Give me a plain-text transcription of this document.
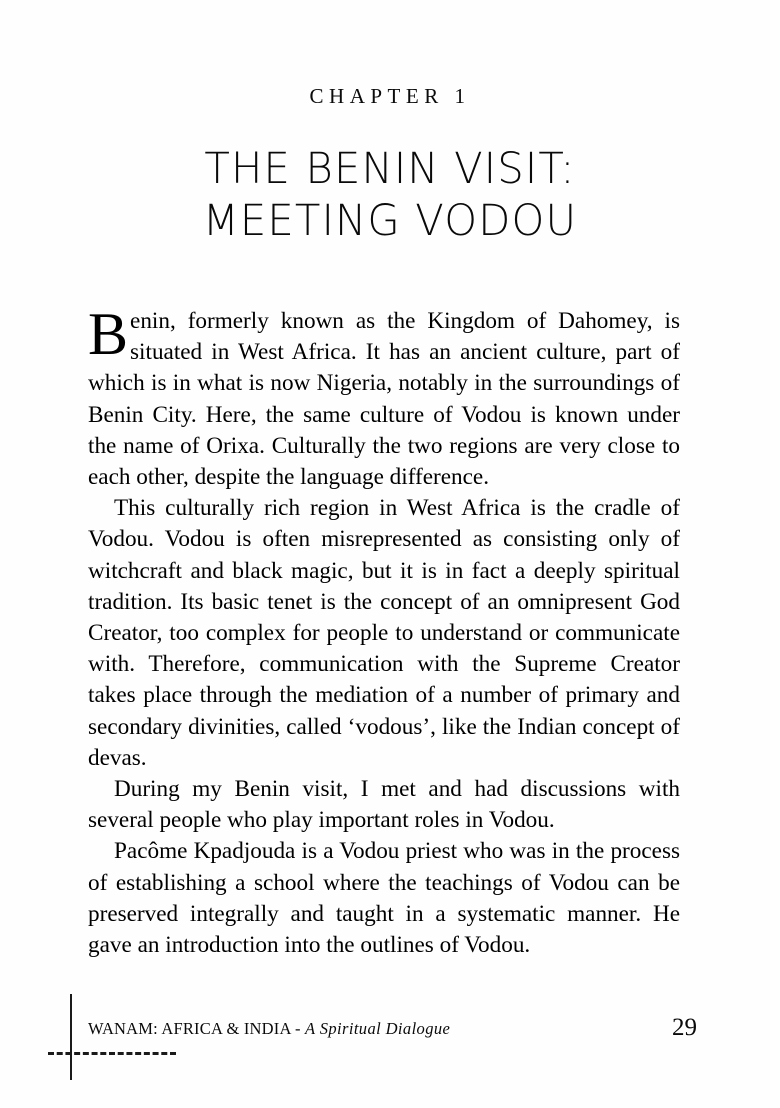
CHAPTER 1
THE BENIN VISIT:
MEETING VODOU

Benin, formerly known as the Kingdom of Dahomey, is situated in West Africa. It has an ancient culture, part of which is in what is now Nigeria, notably in the surroundings of Benin City. Here, the same culture of Vodou is known under the name of Orixa. Culturally the two regions are very close to each other, despite the language difference.

This culturally rich region in West Africa is the cradle of Vodou. Vodou is often misrepresented as consisting only of witchcraft and black magic, but it is in fact a deeply spiritual tradition. Its basic tenet is the concept of an omnipresent God Creator, too complex for people to understand or communicate with. Therefore, communication with the Supreme Creator takes place through the mediation of a number of primary and secondary divinities, called ‘vodous’, like the Indian concept of devas.

During my Benin visit, I met and had discussions with several people who play important roles in Vodou.

Pacôme Kpadjouda is a Vodou priest who was in the process of establishing a school where the teachings of Vodou can be preserved integrally and taught in a systematic manner. He gave an introduction into the outlines of Vodou.

WANAM: AFRICA & INDIA - A Spiritual Dialogue	29
